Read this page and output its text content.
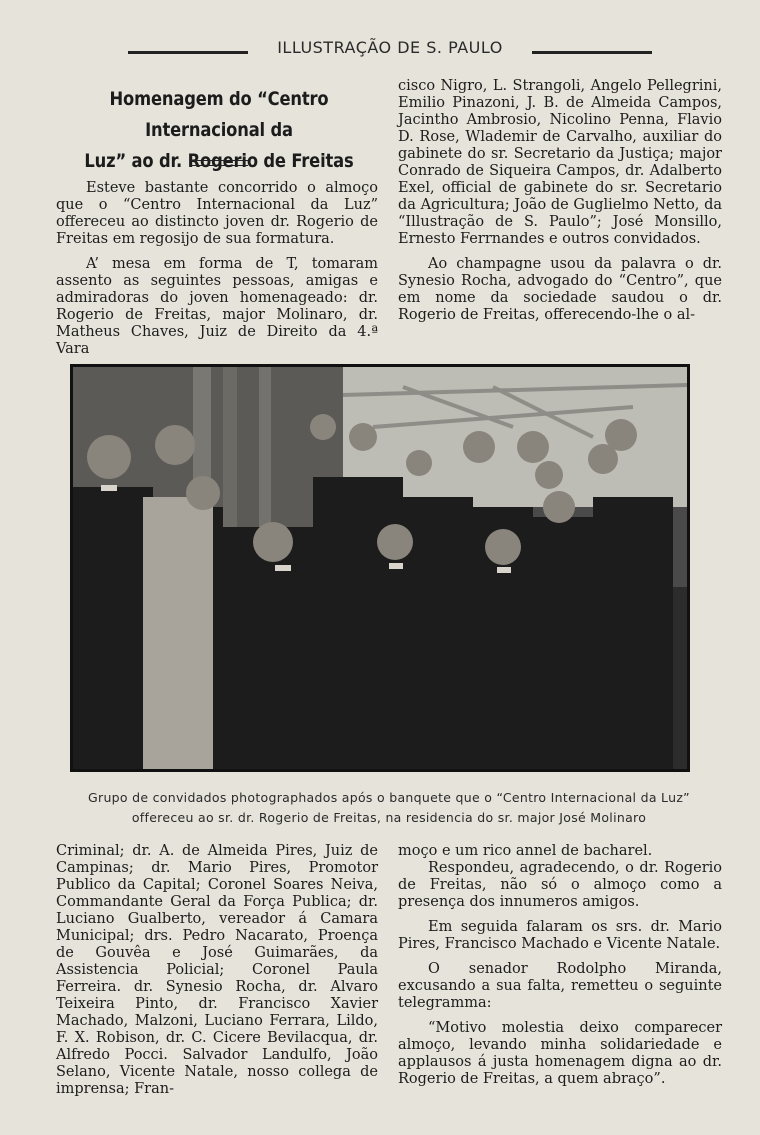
ILLUSTRAÇÃO DE S. PAULO
Homenagem do “Centro Internacional da
Luz” ao dr. Rogerio de Freitas

Esteve bastante concorrido o almoço que o “Centro Internacional da Luz” offereceu ao distincto joven dr. Rogerio de Freitas em regosijo de sua formatura.

A’ mesa em forma de T, tomaram assento as seguintes pessoas, amigas e admiradoras do joven homenageado: dr. Rogerio de Freitas, major Molinaro, dr. Matheus Chaves, Juiz de Direito da 4.ª Vara

cisco Nigro, L. Strangoli, Angelo Pellegrini, Emilio Pinazoni, J. B. de Almeida Campos, Jacintho Ambrosio, Nicolino Penna, Flavio D. Rose, Wlademir de Carvalho, auxiliar do gabinete do sr. Secretario da Justiça; major Conrado de Siqueira Campos, dr. Adalberto Exel, official de gabinete do sr. Secretario da Agricultura; João de Guglielmo Netto, da “Illustração de S. Paulo”; José Monsillo, Ernesto Ferrnandes e outros convidados.

Ao champagne usou da palavra o dr. Synesio Rocha, advogado do “Centro”, que em nome da sociedade saudou o dr. Rogerio de Freitas, offerecendo-lhe o al-

Grupo de convidados photographados após o banquete que o “Centro Internacional da Luz”
offereceu ao sr. dr. Rogerio de Freitas, na residencia do sr. major José Molinaro

Criminal; dr. A. de Almeida Pires, Juiz de Campinas; dr. Mario Pires, Promotor Publico da Capital; Coronel Soares Neiva, Commandante Geral da Força Publica; dr. Luciano Gualberto, vereador á Camara Municipal; drs. Pedro Nacarato, Proença de Gouvêa e José Guimarães, da Assistencia Policial; Coronel Paula Ferreira. dr. Synesio Rocha, dr. Alvaro Teixeira Pinto, dr. Francisco Xavier Machado, Malzoni, Luciano Ferrara, Lildo, F. X. Robison, dr. C. Cicere Bevilacqua, dr. Alfredo Pocci. Salvador Landulfo, João Selano, Vicente Natale, nosso collega de imprensa; Fran-

moço e um rico annel de bacharel.

Respondeu, agradecendo, o dr. Rogerio de Freitas, não só o almoço como a presença dos innumeros amigos.

Em seguida falaram os srs. dr. Mario Pires, Francisco Machado e Vicente Natale.

O senador Rodolpho Miranda, excusando a sua falta, remetteu o seguinte telegramma:

“Motivo molestia deixo comparecer almoço, levando minha solidariedade e applausos á justa homenagem digna ao dr. Rogerio de Freitas, a quem abraço”.
